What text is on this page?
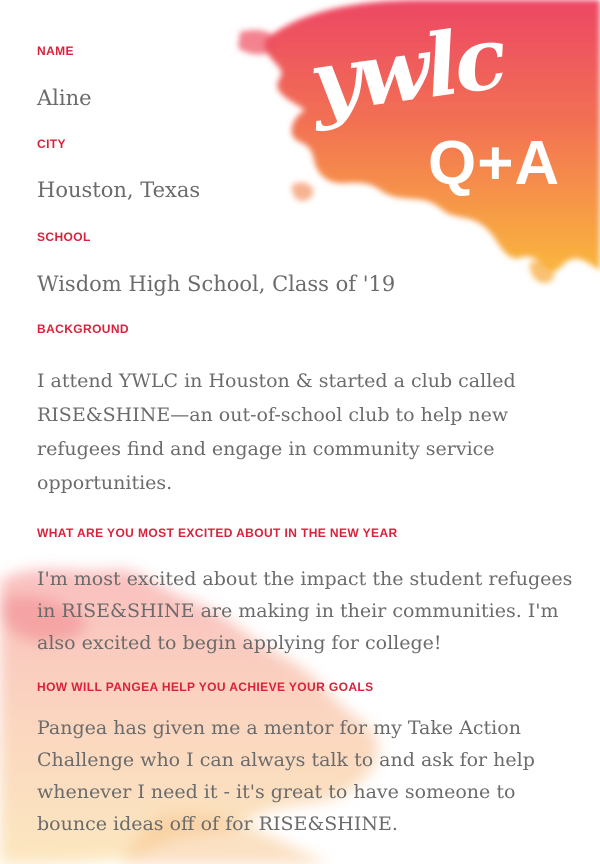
ywlc
Q+A
NAME
Aline
CITY
Houston, Texas
SCHOOL
Wisdom High School, Class of '19
BACKGROUND
I attend YWLC in Houston & started a club called RISE&SHINE—an out-of-school club to help new refugees find and engage in community service opportunities.
WHAT ARE YOU MOST EXCITED ABOUT IN THE NEW YEAR
I'm most excited about the impact the student refugees in RISE&SHINE are making in their communities. I'm also excited to begin applying for college!
HOW WILL PANGEA HELP YOU ACHIEVE YOUR GOALS
Pangea has given me a mentor for my Take Action Challenge who I can always talk to and ask for help whenever I need it - it's great to have someone to bounce ideas off of for RISE&SHINE.
